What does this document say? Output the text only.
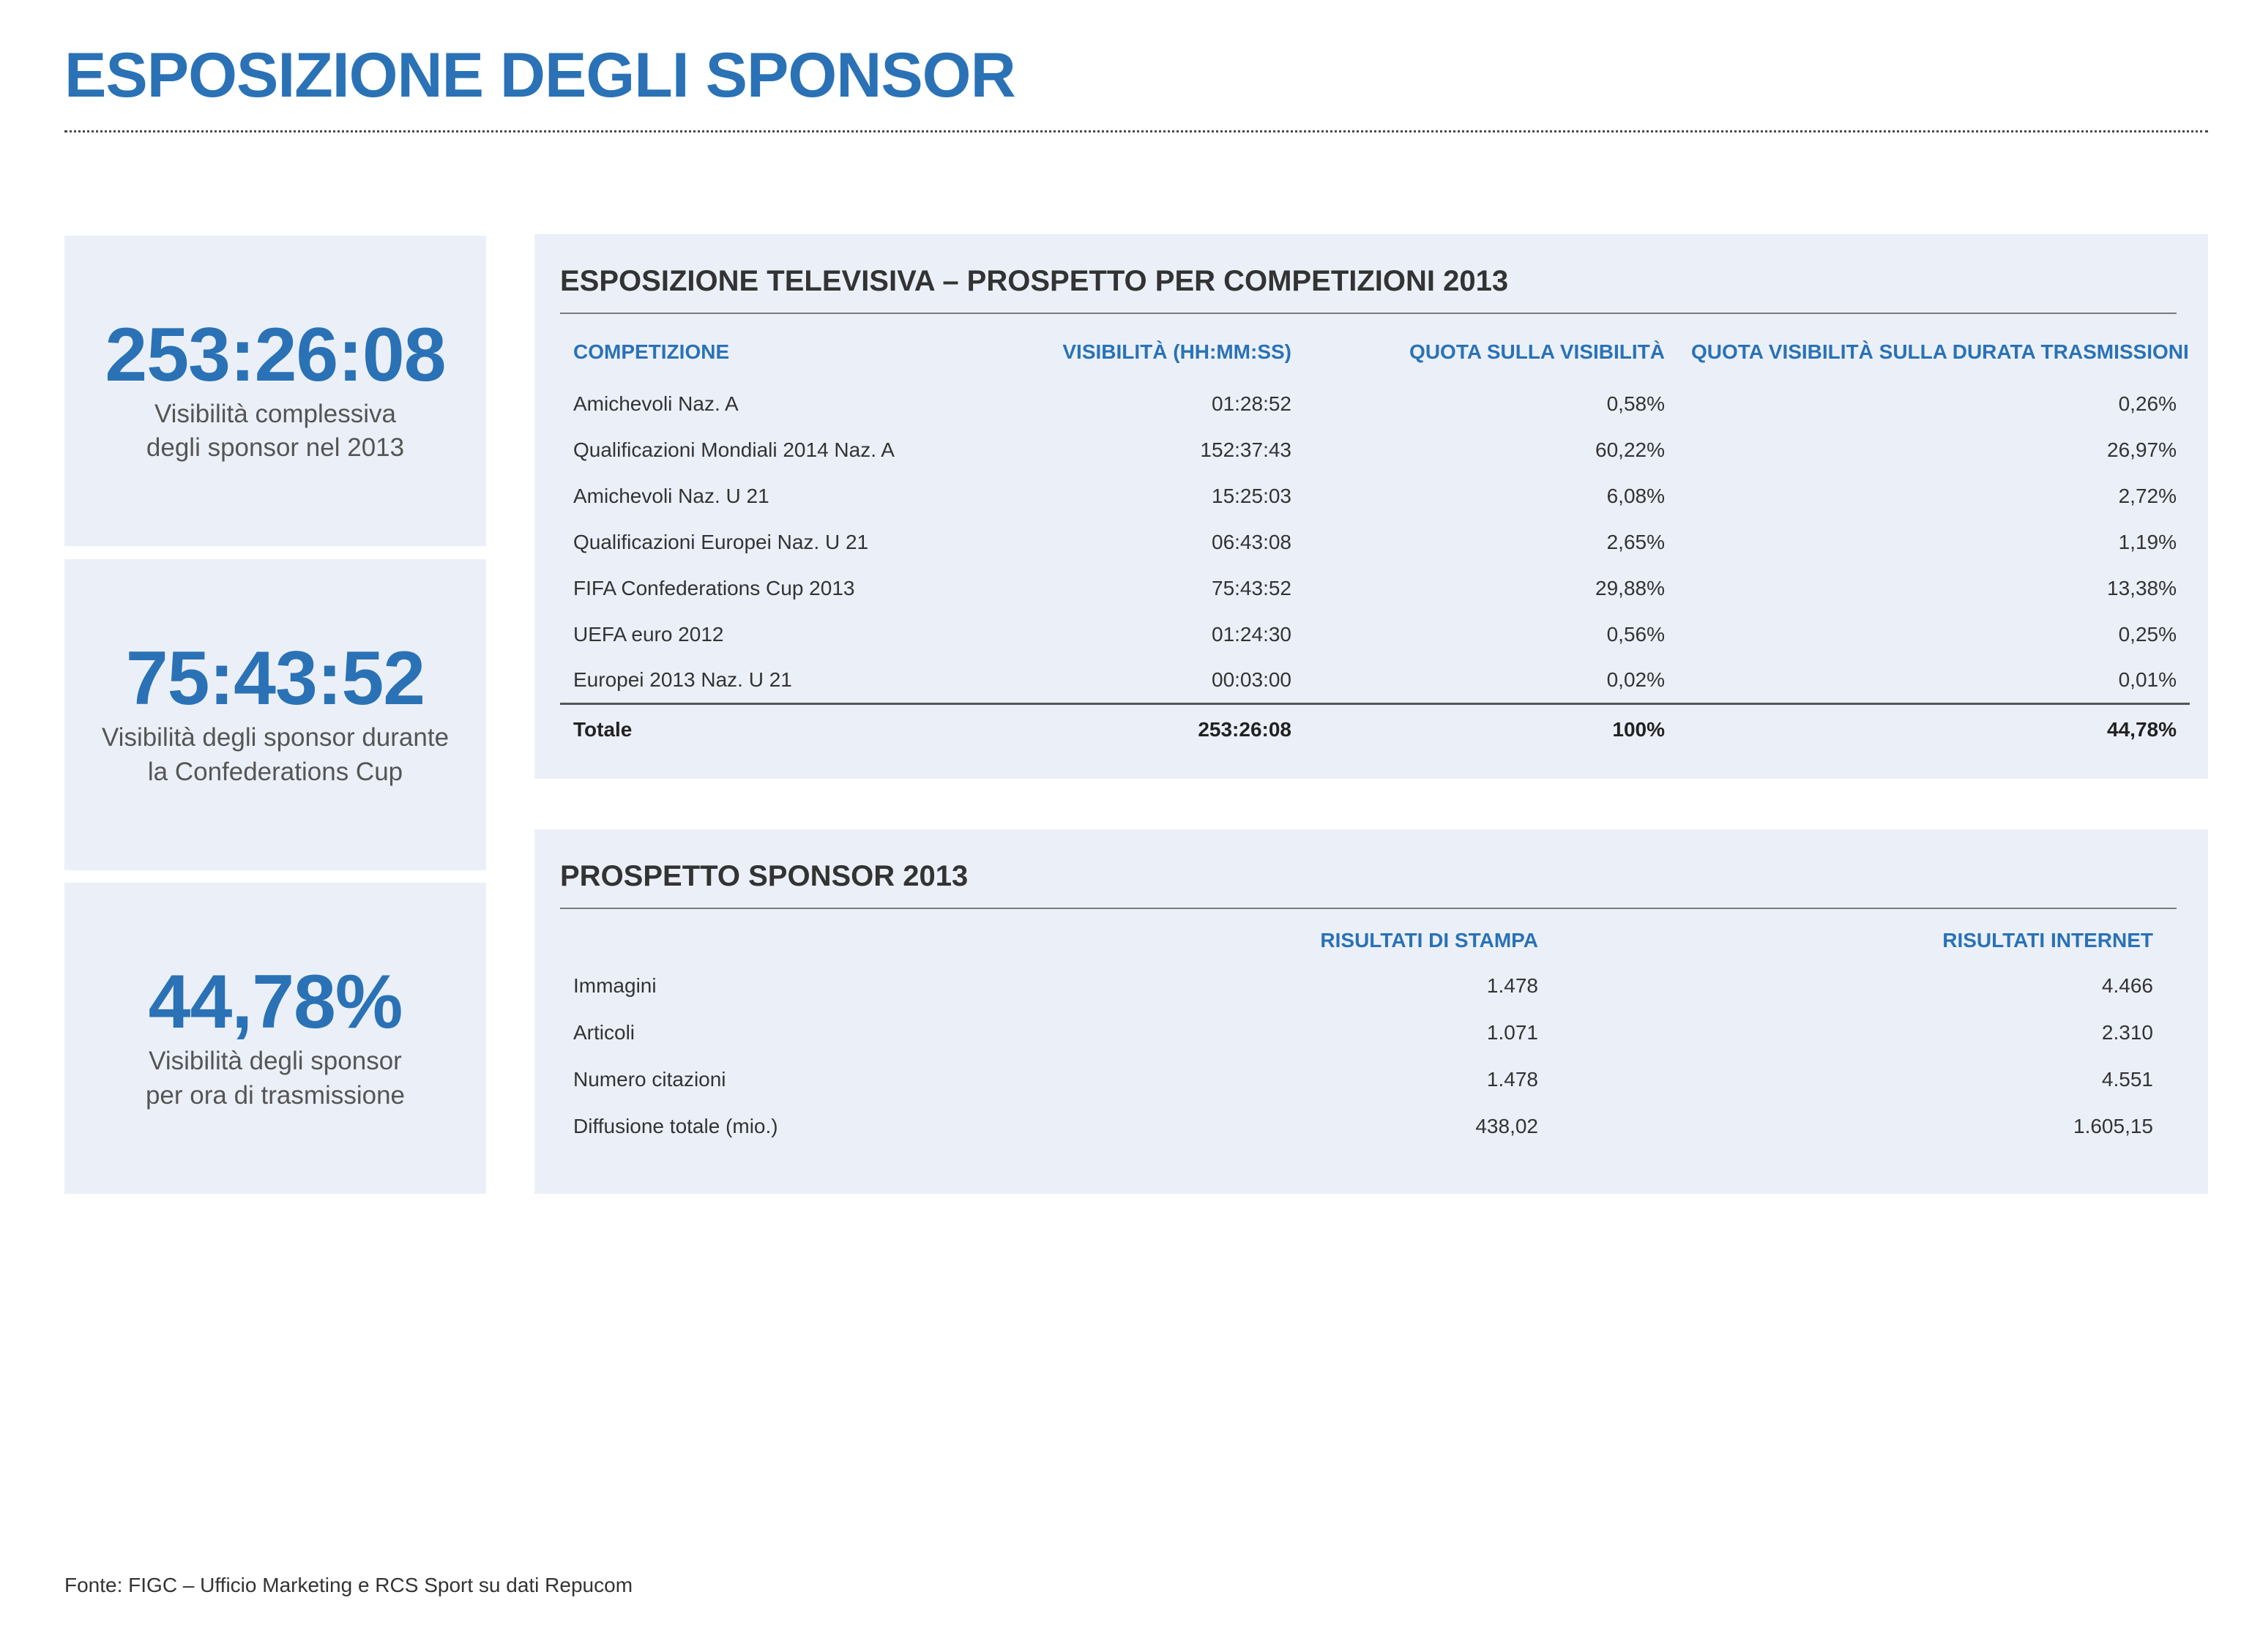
ESPOSIZIONE DEGLI SPONSOR
253:26:08
Visibilità complessiva
degli sponsor nel 2013
75:43:52
Visibilità degli sponsor durante
la Confederations Cup
44,78%
Visibilità degli sponsor
per ora di trasmissione
ESPOSIZIONE TELEVISIVA – PROSPETTO PER COMPETIZIONI 2013
COMPETIZIONE	VISIBILITÀ (HH:MM:SS)	QUOTA SULLA VISIBILITÀ	QUOTA VISIBILITÀ SULLA DURATA TRASMISSIONI
Amichevoli Naz. A	01:28:52	0,58%	0,26%
Qualificazioni Mondiali 2014 Naz. A	152:37:43	60,22%	26,97%
Amichevoli Naz. U 21	15:25:03	6,08%	2,72%
Qualificazioni Europei Naz. U 21	06:43:08	2,65%	1,19%
FIFA Confederations Cup 2013	75:43:52	29,88%	13,38%
UEFA euro 2012	01:24:30	0,56%	0,25%
Europei 2013 Naz. U 21	00:03:00	0,02%	0,01%
Totale	253:26:08	100%	44,78%
PROSPETTO SPONSOR 2013
	RISULTATI DI STAMPA	RISULTATI INTERNET
Immagini	1.478	4.466
Articoli	1.071	2.310
Numero citazioni	1.478	4.551
Diffusione totale (mio.)	438,02	1.605,15
Fonte: FIGC – Ufficio Marketing e RCS Sport su dati Repucom
